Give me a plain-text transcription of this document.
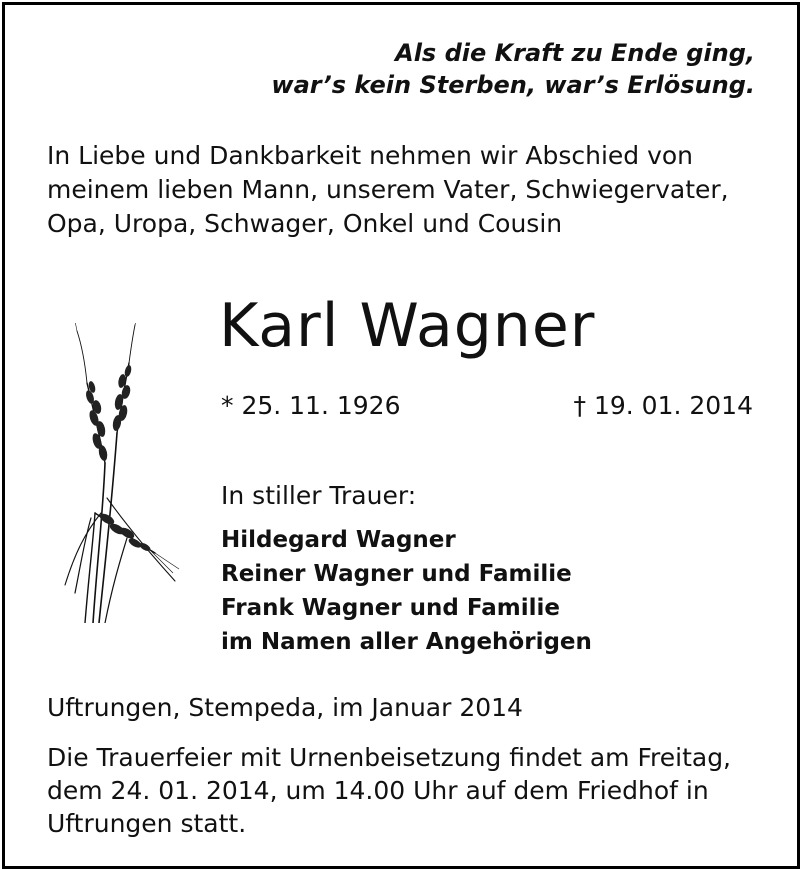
Als die Kraft zu Ende ging,
war’s kein Sterben, war’s Erlösung.
In Liebe und Dankbarkeit nehmen wir Abschied von
meinem lieben Mann, unserem Vater, Schwiegervater,
Opa, Uropa, Schwager, Onkel und Cousin
Karl Wagner
* 25. 11. 1926	† 19. 01. 2014
In stiller Trauer:
Hildegard Wagner
Reiner Wagner und Familie
Frank Wagner und Familie
im Namen aller Angehörigen
Uftrungen, Stempeda, im Januar 2014
Die Trauerfeier mit Urnenbeisetzung findet am Freitag,
dem 24. 01. 2014, um 14.00 Uhr auf dem Friedhof in
Uftrungen statt.
